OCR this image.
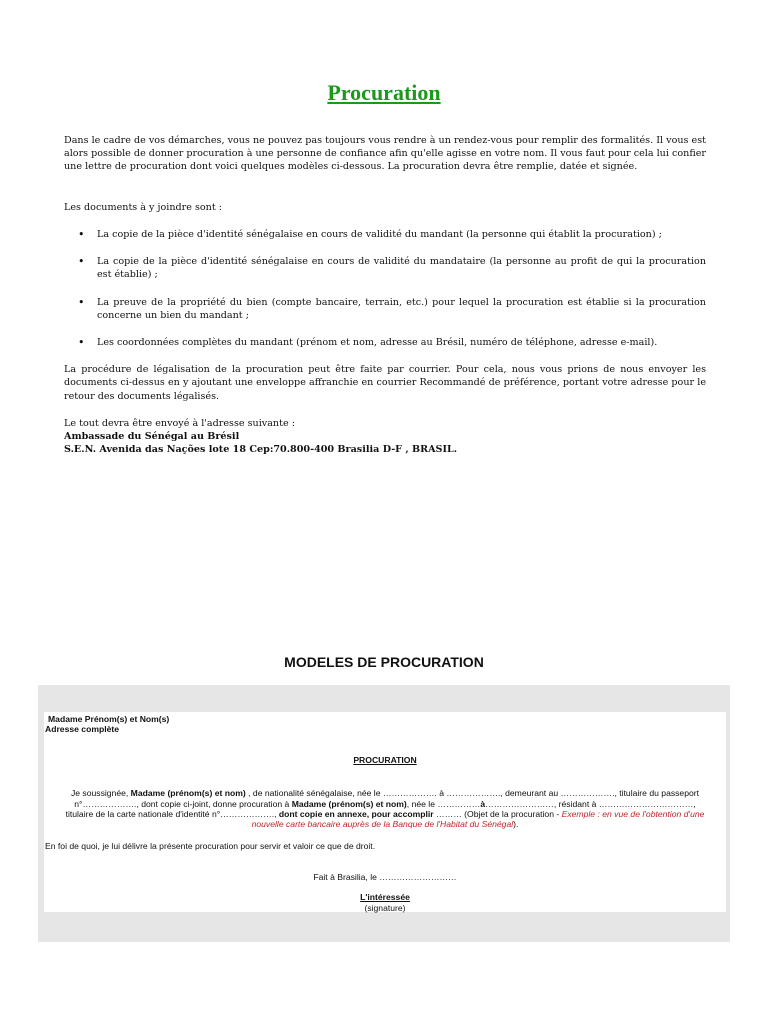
Procuration
Dans le cadre de vos démarches, vous ne pouvez pas toujours vous rendre à un rendez-vous pour remplir des formalités. Il vous est alors possible de donner procuration à une personne de confiance afin qu'elle agisse en votre nom. Il vous faut pour cela lui confier une lettre de procuration dont voici quelques modèles ci-dessous. La procuration devra être remplie, datée et signée.
Les documents à y joindre sont :
• La copie de la pièce d'identité sénégalaise en cours de validité du mandant (la personne qui établit la procuration) ;
• La copie de la pièce d'identité sénégalaise en cours de validité du mandataire (la personne au profit de qui la procuration est établie) ;
• La preuve de la propriété du bien (compte bancaire, terrain, etc.) pour lequel la procuration est établie si la procuration concerne un bien du mandant ;
• Les coordonnées complètes du mandant (prénom et nom, adresse au Brésil, numéro de téléphone, adresse e-mail).
La procédure de légalisation de la procuration peut être faite par courrier. Pour cela, nous vous prions de nous envoyer les documents ci-dessus en y ajoutant une enveloppe affranchie en courrier Recommandé de préférence, portant votre adresse pour le retour des documents légalisés.
Le tout devra être envoyé à l'adresse suivante :
Ambassade du Sénégal au Brésil
S.E.N. Avenida das Nações lote 18 Cep:70.800-400 Brasilia D-F , BRASIL.
MODELES DE PROCURATION
Madame Prénom(s) et Nom(s)
Adresse complète
PROCURATION
Je soussignée, Madame (prénom(s) et nom) , de nationalité sénégalaise, née le ………………. à ………………., demeurant au ………………., titulaire du passeport
n°………………., dont copie ci-joint, donne procuration à Madame (prénom(s) et nom), née le ……………à……………………, résidant à ……………………………,
titulaire de la carte nationale d'identité n°………………., dont copie en annexe, pour accomplir ……… (Objet de la procuration - Exemple : en vue de l'obtention d'une
nouvelle carte bancaire auprès de la Banque de l'Habitat du Sénégal).
En foi de quoi, je lui délivre la présente procuration pour servir et valoir ce que de droit.
Fait à Brasilia, le ………………………
L'intéressée
(signature)
